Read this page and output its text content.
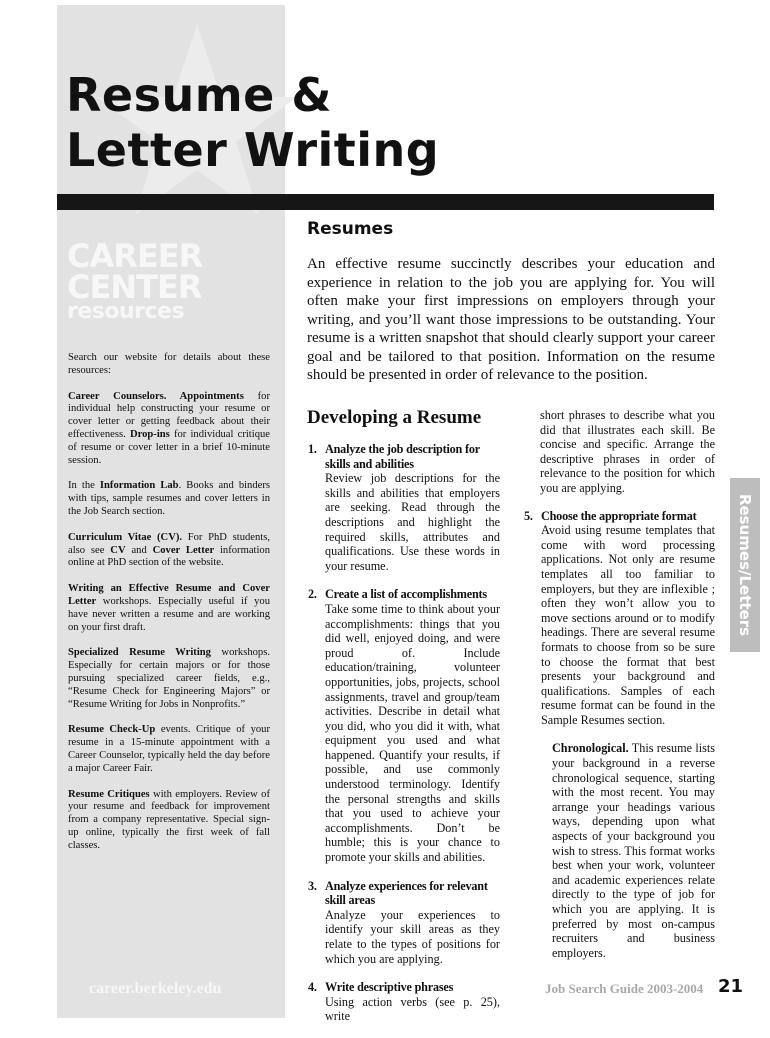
Resume &
Letter Writing
CAREER
CENTER
resources

Search our website for details about these resources:

Career Counselors. Appointments for individual help constructing your resume or cover letter or getting feedback about their effectiveness. Drop-ins for individual critique of resume or cover letter in a brief 10-minute session.

In the Information Lab. Books and binders with tips, sample resumes and cover letters in the Job Search section.

Curriculum Vitae (CV). For PhD students, also see CV and Cover Letter information online at PhD section of the website.

Writing an Effective Resume and Cover Letter workshops. Especially useful if you have never written a resume and are working on your first draft.

Specialized Resume Writing workshops. Especially for certain majors or for those pursuing specialized career fields, e.g., “Resume Check for Engineering Majors” or “Resume Writing for Jobs in Nonprofits.”

Resume Check-Up events. Critique of your resume in a 15-minute appointment with a Career Counselor, typically held the day before a major Career Fair.

Resume Critiques with employers. Review of your resume and feedback for improvement from a company representative. Special sign-up online, typically the first week of fall classes.

career.berkeley.edu
Resumes
An effective resume succinctly describes your education and experience in relation to the job you are applying for. You will often make your first impressions on employers through your writing, and you’ll want those impressions to be outstanding. Your resume is a written snapshot that should clearly support your career goal and be tailored to that position. Information on the resume should be presented in order of relevance to the position.
Developing a Resume
1. Analyze the job description for skills and abilities
Review job descriptions for the skills and abilities that employers are seeking. Read through the descriptions and highlight the required skills, attributes and qualifications. Use these words in your resume.
2. Create a list of accomplishments
Take some time to think about your accomplishments: things that you did well, enjoyed doing, and were proud of. Include education/training, volunteer opportunities, jobs, projects, school assignments, travel and group/team activities. Describe in detail what you did, who you did it with, what equipment you used and what happened. Quantify your results, if possible, and use commonly understood terminology. Identify the personal strengths and skills that you used to achieve your accomplishments. Don’t be humble; this is your chance to promote your skills and abilities.
3. Analyze experiences for relevant skill areas
Analyze your experiences to identify your skill areas as they relate to the types of positions for which you are applying.
4. Write descriptive phrases
Using action verbs (see p. 25), write
short phrases to describe what you did that illustrates each skill. Be concise and specific. Arrange the descriptive phrases in order of relevance to the position for which you are applying.
5. Choose the appropriate format
Avoid using resume templates that come with word processing applications. Not only are resume templates all too familiar to employers, but they are inflexible ; often they won’t allow you to move sections around or to modify headings. There are several resume formats to choose from so be sure to choose the format that best presents your background and qualifications. Samples of each resume format can be found in the Sample Resumes section.
Chronological. This resume lists your background in a reverse chronological sequence, starting with the most recent. You may arrange your headings various ways, depending upon what aspects of your background you wish to stress. This format works best when your work, volunteer and academic experiences relate directly to the type of job for which you are applying. It is preferred by most on-campus recruiters and business employers.
Resumes/Letters
Job Search Guide 2003-2004 21
